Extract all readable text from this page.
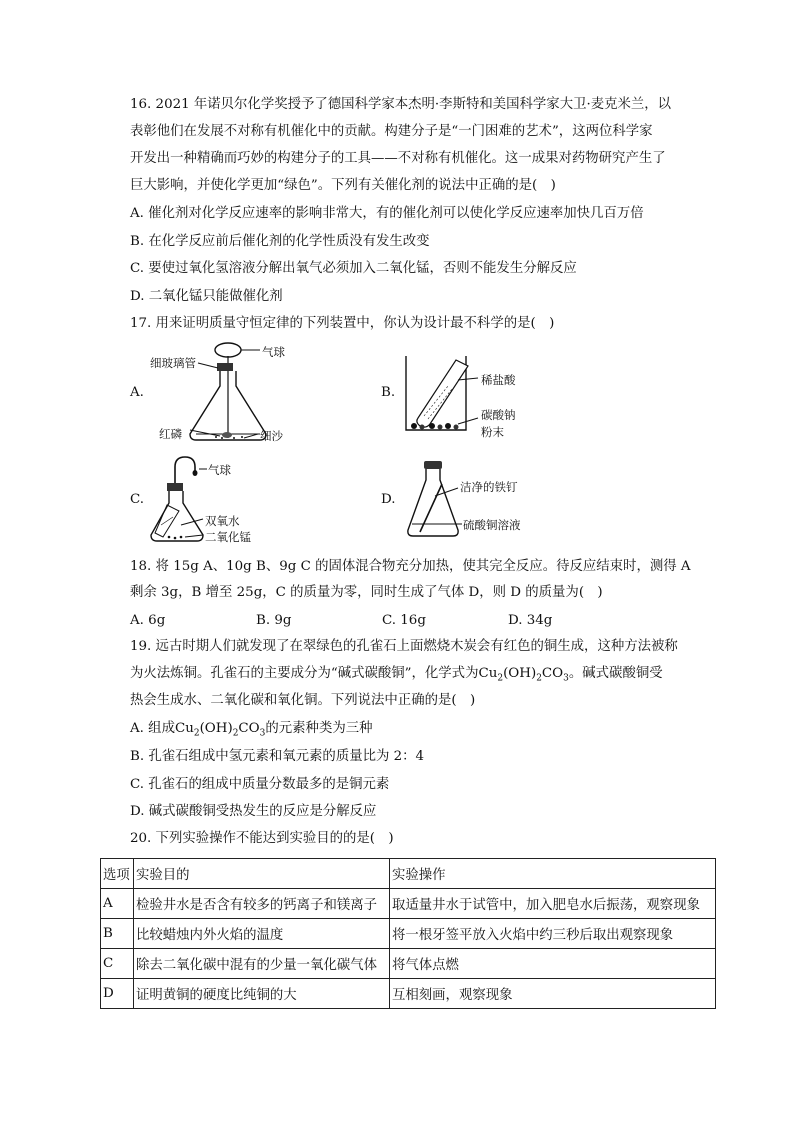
16. 2021 年诺贝尔化学奖授予了德国科学家本杰明·李斯特和美国科学家大卫·麦克米兰，以
表彰他们在发展不对称有机催化中的贡献。构建分子是“一门困难的艺术”，这两位科学家
开发出一种精确而巧妙的构建分子的工具——不对称有机催化。这一成果对药物研究产生了
巨大影响，并使化学更加“绿色”。下列有关催化剂的说法中正确的是(　)
A. 催化剂对化学反应速率的影响非常大，有的催化剂可以使化学反应速率加快几百万倍
B. 在化学反应前后催化剂的化学性质没有发生改变
C. 要使过氧化氢溶液分解出氧气必须加入二氧化锰，否则不能发生分解反应
D. 二氧化锰只能做催化剂
17. 用来证明质量守恒定律的下列装置中，你认为设计最不科学的是(　)
A.	B.
C.	D.
细玻璃管
气球
红磷	细沙
稀盐酸
碳酸钠
粉末
气球
双氧水
二氧化锰
洁净的铁钉
硫酸铜溶液
18. 将 15g A、10g B、9g C 的固体混合物充分加热，使其完全反应。待反应结束时，测得 A
剩余 3g，B 增至 25g，C 的质量为零，同时生成了气体 D，则 D 的质量为(　)
A. 6g	B. 9g	C. 16g	D. 34g
19. 远古时期人们就发现了在翠绿色的孔雀石上面燃烧木炭会有红色的铜生成，这种方法被称
为火法炼铜。孔雀石的主要成分为“碱式碳酸铜”，化学式为$Cu_2(OH)_2CO_3$。碱式碳酸铜受
热会生成水、二氧化碳和氧化铜。下列说法中正确的是(　)
A. 组成$Cu_2(OH)_2CO_3$的元素种类为三种
B. 孔雀石组成中氢元素和氧元素的质量比为 2：4
C. 孔雀石的组成中质量分数最多的是铜元素
D. 碱式碳酸铜受热发生的反应是分解反应
20. 下列实验操作不能达到实验目的的是(　)
选项	实验目的	实验操作
A	检验井水是否含有较多的钙离子和镁离子	取适量井水于试管中，加入肥皂水后振荡，观察现象
B	比较蜡烛内外火焰的温度	将一根牙签平放入火焰中约三秒后取出观察现象
C	除去二氧化碳中混有的少量一氧化碳气体	将气体点燃
D	证明黄铜的硬度比纯铜的大	互相刻画，观察现象
